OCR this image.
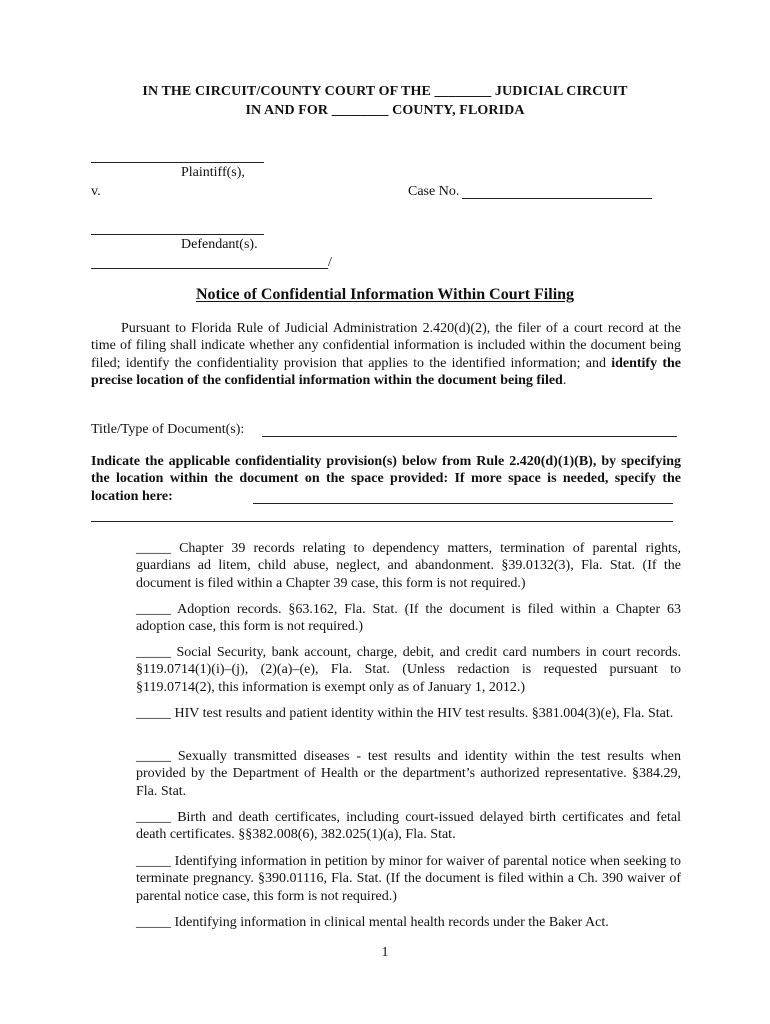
IN THE CIRCUIT/COUNTY COURT OF THE ________ JUDICIAL CIRCUIT
IN AND FOR ________ COUNTY, FLORIDA
Plaintiff(s),
v.	Case No.
Defendant(s).
/
Notice of Confidential Information Within Court Filing
Pursuant to Florida Rule of Judicial Administration 2.420(d)(2), the filer of a court record at the time of filing shall indicate whether any confidential information is included within the document being filed; identify the confidentiality provision that applies to the identified information; and identify the precise location of the confidential information within the document being filed.
Title/Type of Document(s):
Indicate the applicable confidentiality provision(s) below from Rule 2.420(d)(1)(B), by specifying the location within the document on the space provided: If more space is needed, specify the location here:
_____ Chapter 39 records relating to dependency matters, termination of parental rights, guardians ad litem, child abuse, neglect, and abandonment. §39.0132(3), Fla. Stat. (If the document is filed within a Chapter 39 case, this form is not required.)
_____ Adoption records. §63.162, Fla. Stat. (If the document is filed within a Chapter 63 adoption case, this form is not required.)
_____ Social Security, bank account, charge, debit, and credit card numbers in court records. §119.0714(1)(i)–(j), (2)(a)–(e), Fla. Stat. (Unless redaction is requested pursuant to §119.0714(2), this information is exempt only as of January 1, 2012.)
_____ HIV test results and patient identity within the HIV test results. §381.004(3)(e), Fla. Stat.
_____ Sexually transmitted diseases - test results and identity within the test results when provided by the Department of Health or the department’s authorized representative. §384.29, Fla. Stat.
_____ Birth and death certificates, including court-issued delayed birth certificates and fetal death certificates. §§382.008(6), 382.025(1)(a), Fla. Stat.
_____ Identifying information in petition by minor for waiver of parental notice when seeking to terminate pregnancy. §390.01116, Fla. Stat. (If the document is filed within a Ch. 390 waiver of parental notice case, this form is not required.)
_____ Identifying information in clinical mental health records under the Baker Act.
1
